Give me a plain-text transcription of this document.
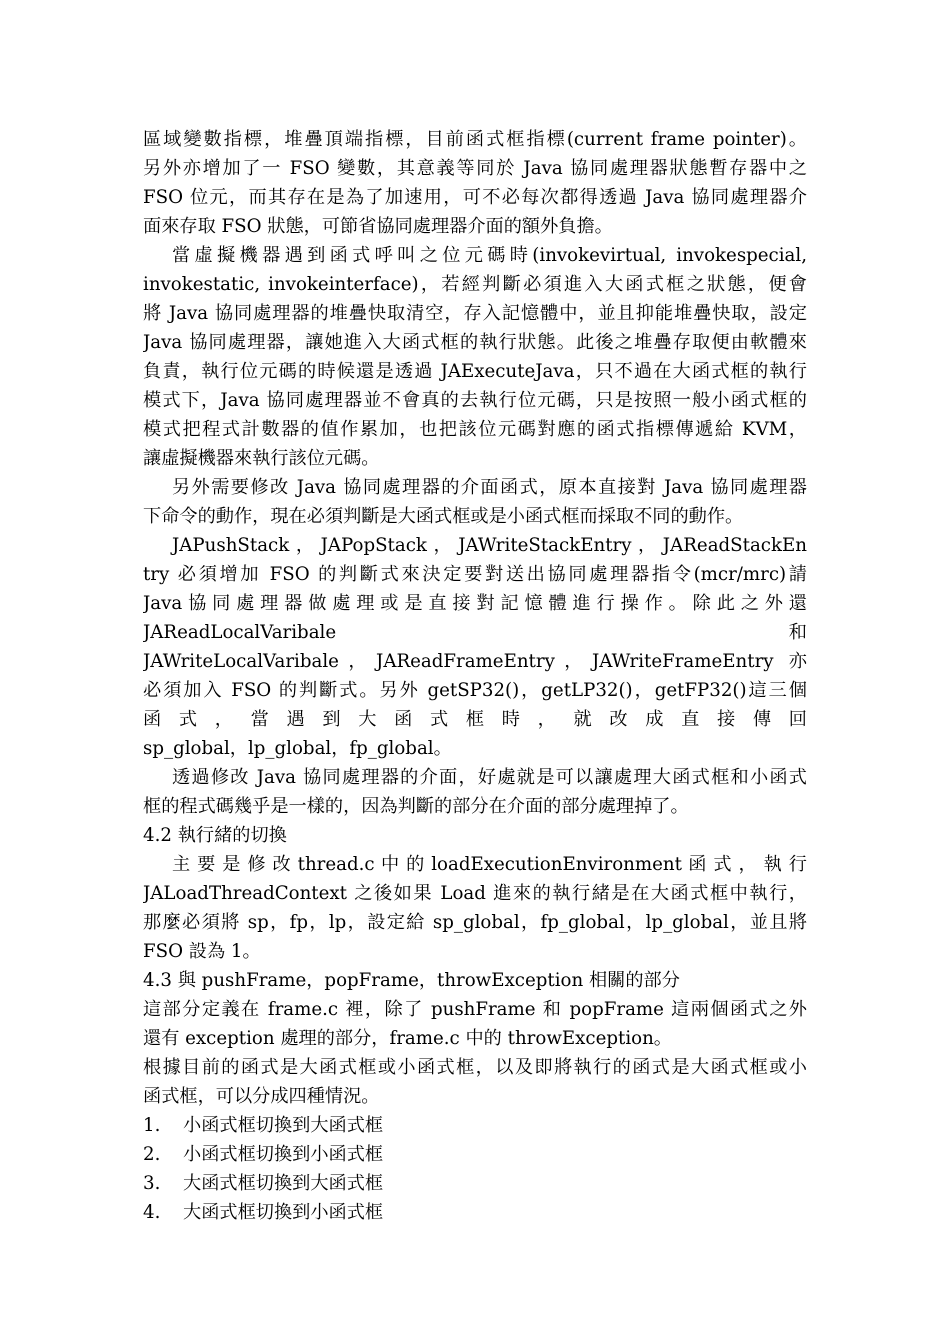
區域變數指標，堆疊頂端指標，目前函式框指標(current frame pointer)。
另外亦增加了一 FSO 變數，其意義等同於 Java 協同處理器狀態暫存器中之
FSO 位元，而其存在是為了加速用，可不必每次都得透過 Java 協同處理器介
面來存取 FSO 狀態，可節省協同處理器介面的額外負擔。
當虛擬機器遇到函式呼叫之位元碼時(invokevirtual, invokespecial,
invokestatic, invokeinterface)，若經判斷必須進入大函式框之狀態，便會
將 Java 協同處理器的堆疊快取清空，存入記憶體中，並且抑能堆疊快取，設定
Java 協同處理器，讓她進入大函式框的執行狀態。此後之堆疊存取便由軟體來
負責，執行位元碼的時候還是透過 JAExecuteJava，只不過在大函式框的執行
模式下，Java 協同處理器並不會真的去執行位元碼，只是按照一般小函式框的
模式把程式計數器的值作累加，也把該位元碼對應的函式指標傳遞給 KVM，
讓虛擬機器來執行該位元碼。
另外需要修改 Java 協同處理器的介面函式，原本直接對 Java 協同處理器
下命令的動作，現在必須判斷是大函式框或是小函式框而採取不同的動作。
JAPushStack，JAPopStack，JAWriteStackEntry，JAReadStackEn
try 必須增加 FSO 的判斷式來決定要對送出協同處理器指令(mcr/mrc)請
Java 協 同 處 理 器 做 處 理 或 是 直 接 對 記 憶 體 進 行 操 作 。 除 此 之 外 還
JAReadLocalVaribale 和
JAWriteLocalVaribale，JAReadFrameEntry，JAWriteFrameEntry 亦
必須加入 FSO 的判斷式。另外 getSP32()，getLP32()，getFP32()這三個
函 式 ， 當 遇 到 大 函 式 框 時 ， 就 改 成 直 接 傳 回
sp_global，lp_global，fp_global。
透過修改 Java 協同處理器的介面，好處就是可以讓處理大函式框和小函式
框的程式碼幾乎是一樣的，因為判斷的部分在介面的部分處理掉了。
4.2 執行緒的切換
主 要 是 修 改 thread.c 中 的 loadExecutionEnvironment 函 式 ， 執 行
JALoadThreadContext 之後如果 Load 進來的執行緒是在大函式框中執行，
那麼必須將 sp，fp，lp，設定給 sp_global，fp_global，lp_global，並且將
FSO 設為 1。
4.3 與 pushFrame，popFrame，throwException 相關的部分
這部分定義在 frame.c 裡，除了 pushFrame 和 popFrame 這兩個函式之外
還有 exception 處理的部分，frame.c 中的 throwException。
根據目前的函式是大函式框或小函式框，以及即將執行的函式是大函式框或小
函式框，可以分成四種情況。
1.	小函式框切換到大函式框
2.	小函式框切換到小函式框
3.	大函式框切換到大函式框
4.	大函式框切換到小函式框
